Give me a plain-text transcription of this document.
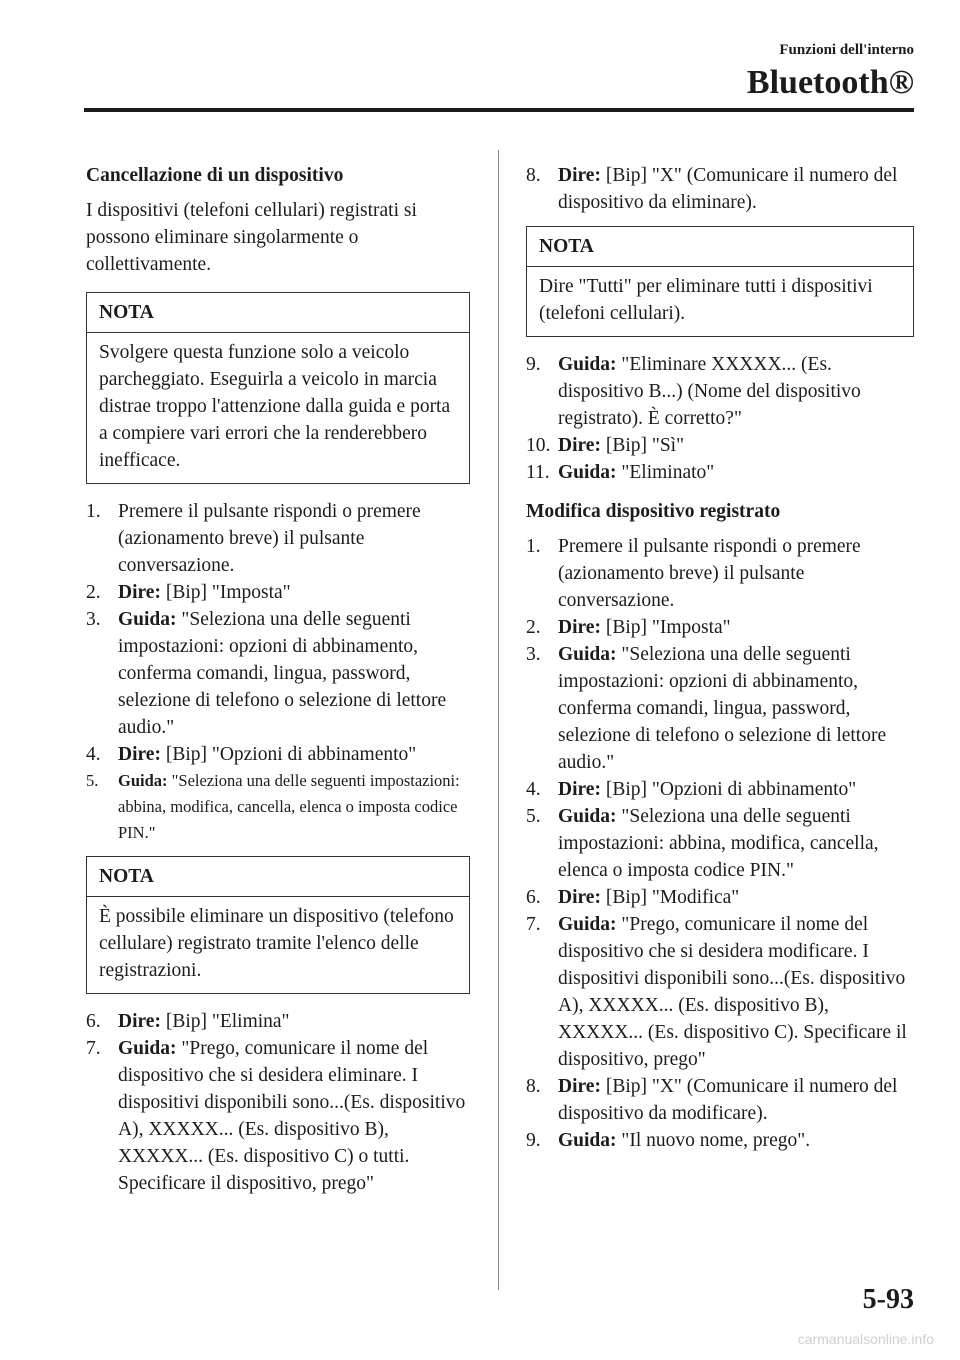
Funzioni dell'interno
Bluetooth®
Cancellazione di un dispositivo

I dispositivi (telefoni cellulari) registrati si possono eliminare singolarmente o collettivamente.

NOTA
Svolgere questa funzione solo a veicolo parcheggiato. Eseguirla a veicolo in marcia distrae troppo l'attenzione dalla guida e porta a compiere vari errori che la renderebbero inefficace.
1. Premere il pulsante rispondi o premere (azionamento breve) il pulsante conversazione.
2. Dire: [Bip] "Imposta"
3. Guida: "Seleziona una delle seguenti impostazioni: opzioni di abbinamento, conferma comandi, lingua, password, selezione di telefono o selezione di lettore audio."
4. Dire: [Bip] "Opzioni di abbinamento"
5. Guida: "Seleziona una delle seguenti impostazioni: abbina, modifica, cancella, elenca o imposta codice PIN."
NOTA
È possibile eliminare un dispositivo (telefono cellulare) registrato tramite l'elenco delle registrazioni.
6. Dire: [Bip] "Elimina"
7. Guida: "Prego, comunicare il nome del dispositivo che si desidera eliminare. I dispositivi disponibili sono...(Es. dispositivo A), XXXXX... (Es. dispositivo B), XXXXX... (Es. dispositivo C) o tutti. Specificare il dispositivo, prego"
8. Dire: [Bip] "X" (Comunicare il numero del dispositivo da eliminare).
NOTA
Dire "Tutti" per eliminare tutti i dispositivi (telefoni cellulari).
9. Guida: "Eliminare XXXXX... (Es. dispositivo B...) (Nome del dispositivo registrato). È corretto?"
10. Dire: [Bip] "Sì"
11. Guida: "Eliminato"
Modifica dispositivo registrato
1. Premere il pulsante rispondi o premere (azionamento breve) il pulsante conversazione.
2. Dire: [Bip] "Imposta"
3. Guida: "Seleziona una delle seguenti impostazioni: opzioni di abbinamento, conferma comandi, lingua, password, selezione di telefono o selezione di lettore audio."
4. Dire: [Bip] "Opzioni di abbinamento"
5. Guida: "Seleziona una delle seguenti impostazioni: abbina, modifica, cancella, elenca o imposta codice PIN."
6. Dire: [Bip] "Modifica"
7. Guida: "Prego, comunicare il nome del dispositivo che si desidera modificare. I dispositivi disponibili sono...(Es. dispositivo A), XXXXX... (Es. dispositivo B), XXXXX... (Es. dispositivo C). Specificare il dispositivo, prego"
8. Dire: [Bip] "X" (Comunicare il numero del dispositivo da modificare).
9. Guida: "Il nuovo nome, prego".
5-93
carmanualsonline.info
